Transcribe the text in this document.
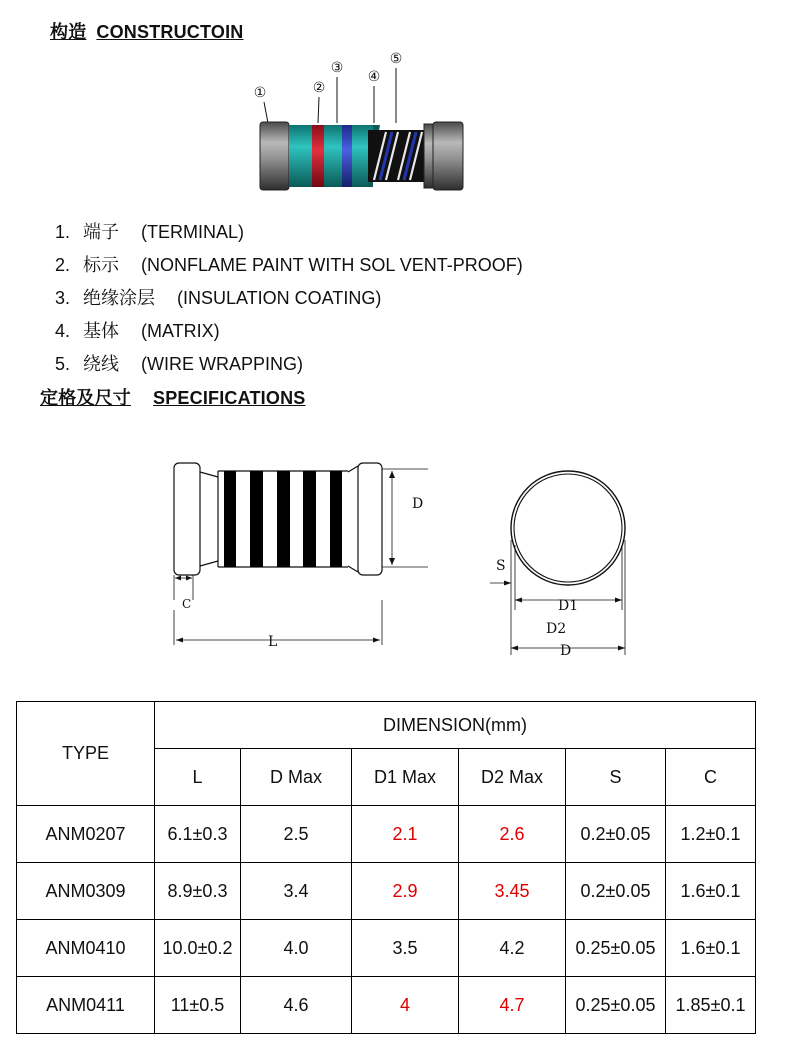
构造 CONSTRUCTOIN
①	②
③
④
⑤
1. 端子 (TERMINAL)
2. 标示 (NONFLAME PAINT WITH SOL VENT-PROOF)
3. 绝缘涂层 (INSULATION COATING)
4. 基体 (MATRIX)
5. 绕线 (WIRE WRAPPING)
定格及尺寸 SPECIFICATIONS
D
C
L
S
D1
D2
D
TYPE	DIMENSION(mm)					
	L	D Max	D1 Max	D2 Max	S	C
ANM0207	6.1±0.3	2.5	2.1	2.6	0.2±0.05	1.2±0.1
ANM0309	8.9±0.3	3.4	2.9	3.45	0.2±0.05	1.6±0.1
ANM0410	10.0±0.2	4.0	3.5	4.2	0.25±0.05	1.6±0.1
ANM0411	11±0.5	4.6	4	4.7	0.25±0.05	1.85±0.1
